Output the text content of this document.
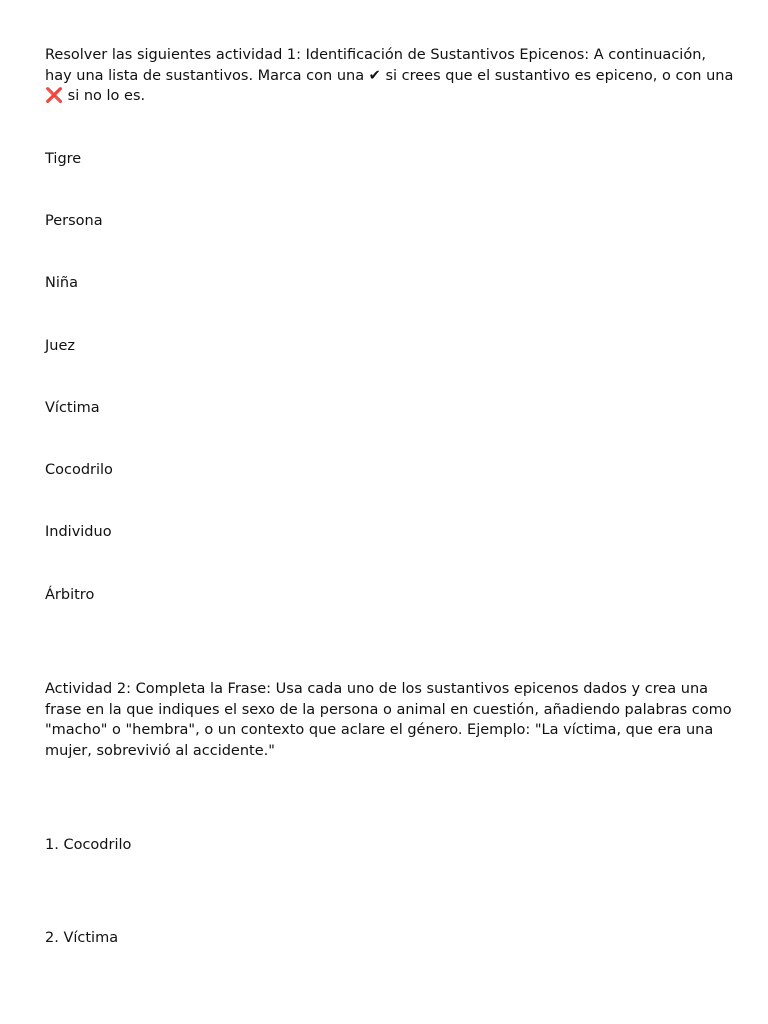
Resolver las siguientes actividad 1: Identificación de Sustantivos Epicenos: A continuación, hay una lista de sustantivos. Marca con una ✔ si crees que el sustantivo es epiceno, o con una ❌ si no lo es.

Tigre

Persona

Niña

Juez

Víctima

Cocodrilo

Individuo

Árbitro

Actividad 2: Completa la Frase: Usa cada uno de los sustantivos epicenos dados y crea una frase en la que indiques el sexo de la persona o animal en cuestión, añadiendo palabras como "macho" o "hembra", o un contexto que aclare el género. Ejemplo: "La víctima, que era una mujer, sobrevivió al accidente."

1. Cocodrilo

2. Víctima
